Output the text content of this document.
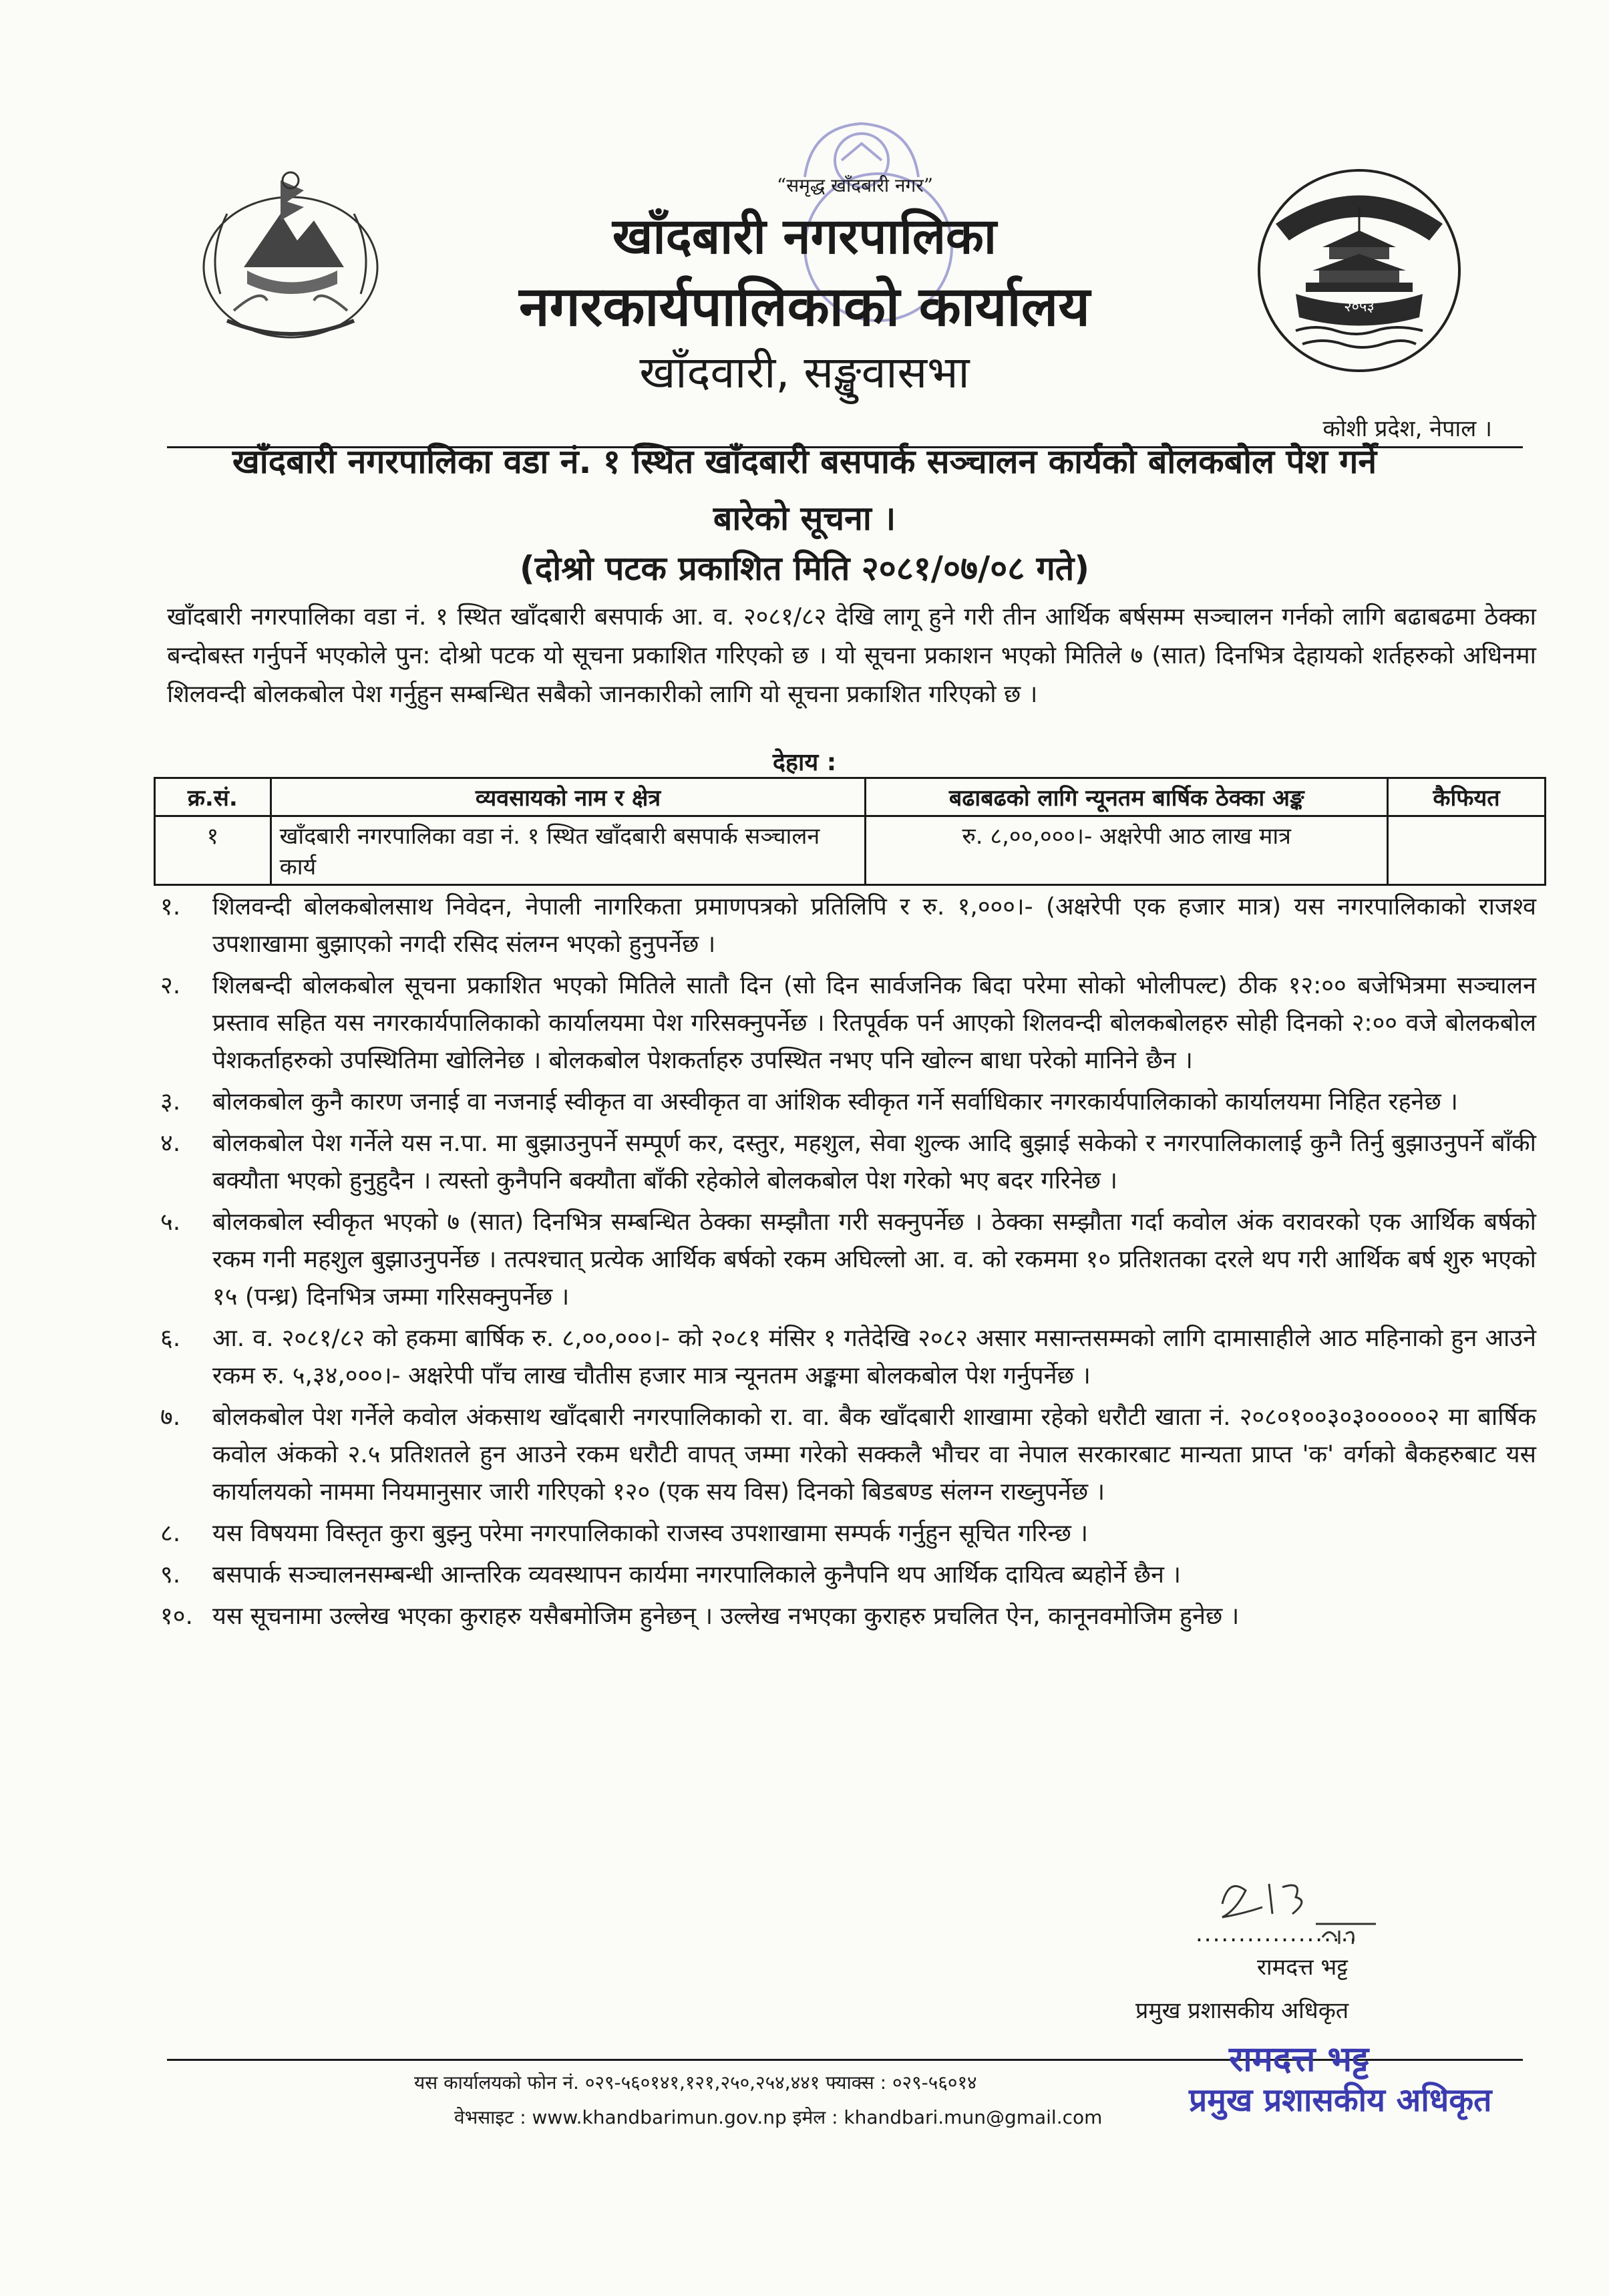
२०५३
“समृद्ध खाँदबारी नगर”
खाँदबारी नगरपालिका
नगरकार्यपालिकाको कार्यालय
खाँदवारी, सङ्खुवासभा
कोशी प्रदेश, नेपाल ।
खाँदबारी नगरपालिका वडा नं. १ स्थित खाँदबारी बसपार्क सञ्चालन कार्यको बोलकबोल पेश गर्ने
बारेको सूचना ।
(दोश्रो पटक प्रकाशित मिति २०८१/०७/०८ गते)
खाँदबारी नगरपालिका वडा नं. १ स्थित खाँदबारी बसपार्क आ. व. २०८१/८२ देखि लागू हुने गरी तीन आर्थिक बर्षसम्म सञ्चालन गर्नको लागि बढाबढमा ठेक्का बन्दोबस्त गर्नुपर्ने भएकोले पुन: दोश्रो पटक यो सूचना प्रकाशित गरिएको छ । यो सूचना प्रकाशन भएको मितिले ७ (सात) दिनभित्र देहायको शर्तहरुको अधिनमा शिलवन्दी बोलकबोल पेश गर्नुहुन सम्बन्धित सबैको जानकारीको लागि यो सूचना प्रकाशित गरिएको छ ।
देहाय :
क्र.सं.	व्यवसायको नाम र क्षेत्र	बढाबढको लागि न्यूनतम बार्षिक ठेक्का अङ्क	कैफियत
१	खाँदबारी नगरपालिका वडा नं. १ स्थित खाँदबारी बसपार्क सञ्चालन कार्य	रु. ८,००,०००।- अक्षरेपी आठ लाख मात्र	
१.	शिलवन्दी बोलकबोलसाथ निवेदन, नेपाली नागरिकता प्रमाणपत्रको प्रतिलिपि र रु. १,०००।- (अक्षरेपी एक हजार मात्र) यस नगरपालिकाको राजश्व उपशाखामा बुझाएको नगदी रसिद संलग्न भएको हुनुपर्नेछ ।
२.	शिलबन्दी बोलकबोल सूचना प्रकाशित भएको मितिले सातौ दिन (सो दिन सार्वजनिक बिदा परेमा सोको भोलीपल्ट) ठीक १२:०० बजेभित्रमा सञ्चालन प्रस्ताव सहित यस नगरकार्यपालिकाको कार्यालयमा पेश गरिसक्नुपर्नेछ । रितपूर्वक पर्न आएको शिलवन्दी बोलकबोलहरु सोही दिनको २:०० वजे बोलकबोल पेशकर्ताहरुको उपस्थितिमा खोलिनेछ । बोलकबोल पेशकर्ताहरु उपस्थित नभए पनि खोल्न बाधा परेको मानिने छैन ।
३.	बोलकबोल कुनै कारण जनाई वा नजनाई स्वीकृत वा अस्वीकृत वा आंशिक स्वीकृत गर्ने सर्वाधिकार नगरकार्यपालिकाको कार्यालयमा निहित रहनेछ ।
४.	बोलकबोल पेश गर्नेले यस न.पा. मा बुझाउनुपर्ने सम्पूर्ण कर, दस्तुर, महशुल, सेवा शुल्क आदि बुझाई सकेको र नगरपालिकालाई कुनै तिर्नु बुझाउनुपर्ने बाँकी बक्यौता भएको हुनुहुदैन । त्यस्तो कुनैपनि बक्यौता बाँकी रहेकोले बोलकबोल पेश गरेको भए बदर गरिनेछ ।
५.	बोलकबोल स्वीकृत भएको ७ (सात) दिनभित्र सम्बन्धित ठेक्का सम्झौता गरी सक्नुपर्नेछ । ठेक्का सम्झौता गर्दा कवोल अंक वरावरको एक आर्थिक बर्षको रकम गनी महशुल बुझाउनुपर्नेछ । तत्पश्चात् प्रत्येक आर्थिक बर्षको रकम अघिल्लो आ. व. को रकममा १० प्रतिशतका दरले थप गरी आर्थिक बर्ष शुरु भएको १५ (पन्ध्र) दिनभित्र जम्मा गरिसक्नुपर्नेछ ।
६.	आ. व. २०८१/८२ को हकमा बार्षिक रु. ८,००,०००।- को २०८१ मंसिर १ गतेदेखि २०८२ असार मसान्तसम्मको लागि दामासाहीले आठ महिनाको हुन आउने रकम रु. ५,३४,०००।- अक्षरेपी पाँच लाख चौतीस हजार मात्र न्यूनतम अङ्कमा बोलकबोल पेश गर्नुपर्नेछ ।
७.	बोलकबोल पेश गर्नेले कवोल अंकसाथ खाँदबारी नगरपालिकाको रा. वा. बैक खाँदबारी शाखामा रहेको धरौटी खाता नं. २०८०१००३०३०००००२ मा बार्षिक कवोल अंकको २.५ प्रतिशतले हुन आउने रकम धरौटी वापत् जम्मा गरेको सक्कलै भौचर वा नेपाल सरकारबाट मान्यता प्राप्त 'क' वर्गको बैकहरुबाट यस कार्यालयको नाममा नियमानुसार जारी गरिएको १२० (एक सय विस) दिनको बिडबण्ड संलग्न राख्नुपर्नेछ ।
८.	यस विषयमा विस्तृत कुरा बुझ्नु परेमा नगरपालिकाको राजस्व उपशाखामा सम्पर्क गर्नुहुन सूचित गरिन्छ ।
९.	बसपार्क सञ्चालनसम्बन्धी आन्तरिक व्यवस्थापन कार्यमा नगरपालिकाले कुनैपनि थप आर्थिक दायित्व ब्यहोर्ने छैन ।
१०. यस सूचनामा उल्लेख भएका कुराहरु यसैबमोजिम हुनेछन् । उल्लेख नभएका कुराहरु प्रचलित ऐन, कानूनवमोजिम हुनेछ ।
...................
रामदत्त भट्ट
प्रमुख प्रशासकीय अधिकृत
यस कार्यालयको फोन नं. ०२९-५६०१४१,१२१,२५०,२५४,४४१ फ्याक्स : ०२९-५६०१४
वेभसाइट : www.khandbarimun.gov.np इमेल : khandbari.mun@gmail.com
रामदत्त भट्ट
प्रमुख प्रशासकीय अधिकृत
